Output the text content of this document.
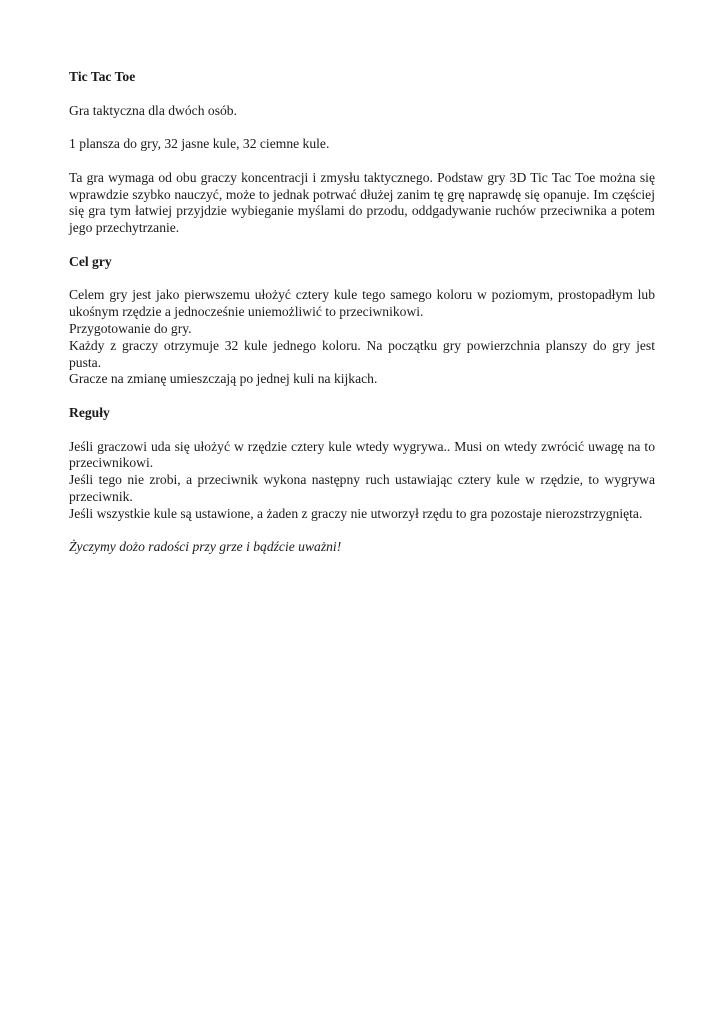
Tic Tac Toe

Gra taktyczna dla dwóch osób.

1 plansza do gry, 32 jasne kule, 32 ciemne kule.

Ta gra wymaga od obu graczy koncentracji i zmysłu taktycznego. Podstaw gry 3D Tic Tac Toe można się wprawdzie szybko nauczyć, może to jednak potrwać dłużej zanim tę grę naprawdę się opanuje. Im częściej się gra tym łatwiej przyjdzie wybieganie myślami do przodu, oddgadywanie ruchów przeciwnika a potem jego przechytrzanie.

Cel gry

Celem gry jest jako pierwszemu ułożyć cztery kule tego samego koloru w poziomym, prostopadłym lub ukośnym rzędzie a jednocześnie uniemożliwić to przeciwnikowi.
Przygotowanie do gry.
Każdy z graczy otrzymuje 32 kule jednego koloru. Na początku gry powierzchnia planszy do gry jest pusta.
Gracze na zmianę umieszczają po jednej kuli na kijkach.

Reguły

Jeśli graczowi uda się ułożyć w rzędzie cztery kule wtedy wygrywa.. Musi on wtedy zwrócić uwagę na to przeciwnikowi.
Jeśli tego nie zrobi, a przeciwnik wykona następny ruch ustawiając cztery kule w rzędzie, to wygrywa przeciwnik.
Jeśli wszystkie kule są ustawione, a żaden z graczy nie utworzył rzędu to gra pozostaje nierozstrzygnięta.

Życzymy dożo radości przy grze i bądźcie uważni!
